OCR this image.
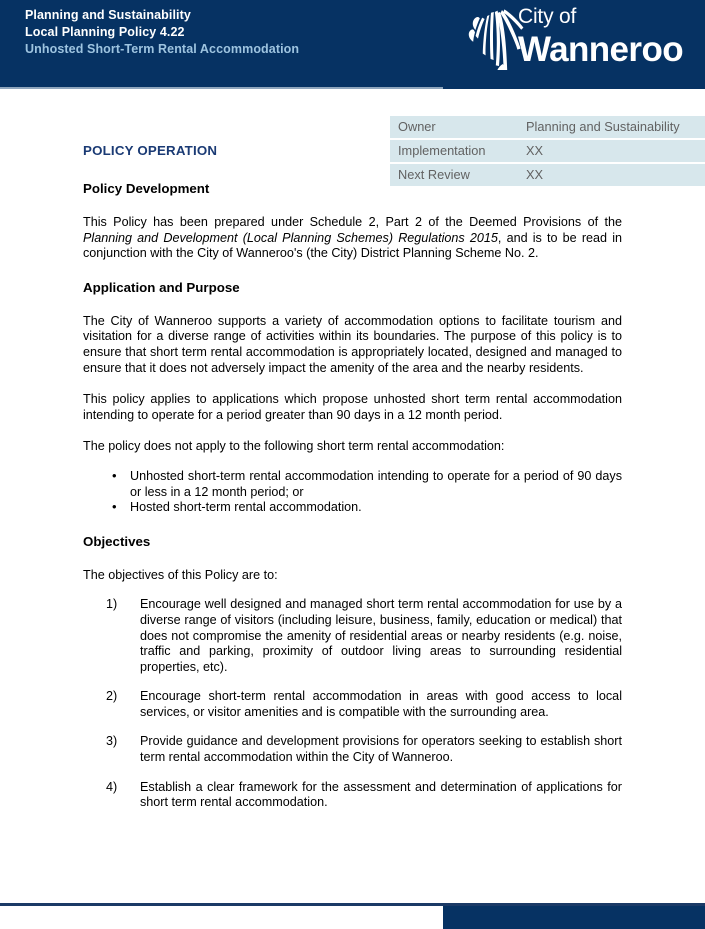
Planning and Sustainability
Local Planning Policy 4.22
Unhosted Short-Term Rental Accommodation
City of
Wanneroo
Owner	Planning and Sustainability
Implementation	XX
Next Review	XX
POLICY OPERATION
Policy Development

This Policy has been prepared under Schedule 2, Part 2 of the Deemed Provisions of the Planning and Development (Local Planning Schemes) Regulations 2015, and is to be read in conjunction with the City of Wanneroo's (the City) District Planning Scheme No. 2.

Application and Purpose

The City of Wanneroo supports a variety of accommodation options to facilitate tourism and visitation for a diverse range of activities within its boundaries. The purpose of this policy is to ensure that short term rental accommodation is appropriately located, designed and managed to ensure that it does not adversely impact the amenity of the area and the nearby residents.

This policy applies to applications which propose unhosted short term rental accommodation intending to operate for a period greater than 90 days in a 12 month period.

The policy does not apply to the following short term rental accommodation:

• Unhosted short-term rental accommodation intending to operate for a period of 90 days or less in a 12 month period; or
• Hosted short-term rental accommodation.
Objectives

The objectives of this Policy are to:

1)	Encourage well designed and managed short term rental accommodation for use by a diverse range of visitors (including leisure, business, family, education or medical) that does not compromise the amenity of residential areas or nearby residents (e.g. noise, traffic and parking, proximity of outdoor living areas to surrounding residential properties, etc).
2)	Encourage short-term rental accommodation in areas with good access to local services, or visitor amenities and is compatible with the surrounding area.
3)	Provide guidance and development provisions for operators seeking to establish short term rental accommodation within the City of Wanneroo.
4)	Establish a clear framework for the assessment and determination of applications for short term rental accommodation.
